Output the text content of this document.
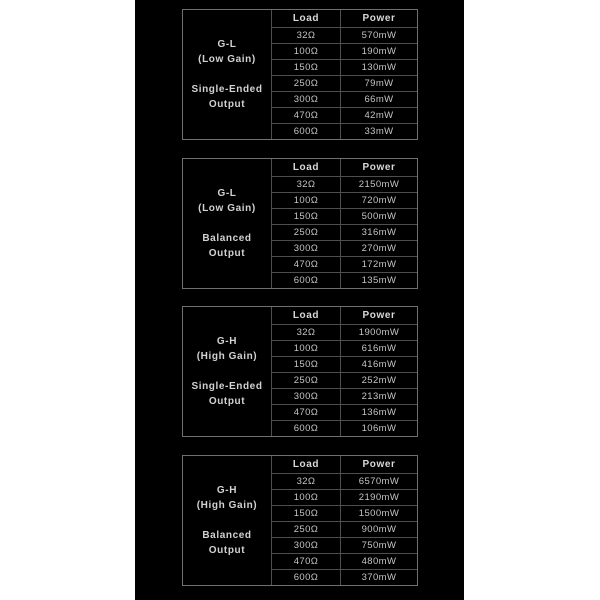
G-L
(Low Gain)
Single-Ended
Output
Load	Power
32Ω	570mW
100Ω	190mW
150Ω	130mW
250Ω	79mW
300Ω	66mW
470Ω	42mW
600Ω	33mW
G-L
(Low Gain)
Balanced
Output
Load	Power
32Ω	2150mW
100Ω	720mW
150Ω	500mW
250Ω	316mW
300Ω	270mW
470Ω	172mW
600Ω	135mW
G-H
(High Gain)
Single-Ended
Output
Load	Power
32Ω	1900mW
100Ω	616mW
150Ω	416mW
250Ω	252mW
300Ω	213mW
470Ω	136mW
600Ω	106mW
G-H
(High Gain)
Balanced
Output
Load	Power
32Ω	6570mW
100Ω	2190mW
150Ω	1500mW
250Ω	900mW
300Ω	750mW
470Ω	480mW
600Ω	370mW
